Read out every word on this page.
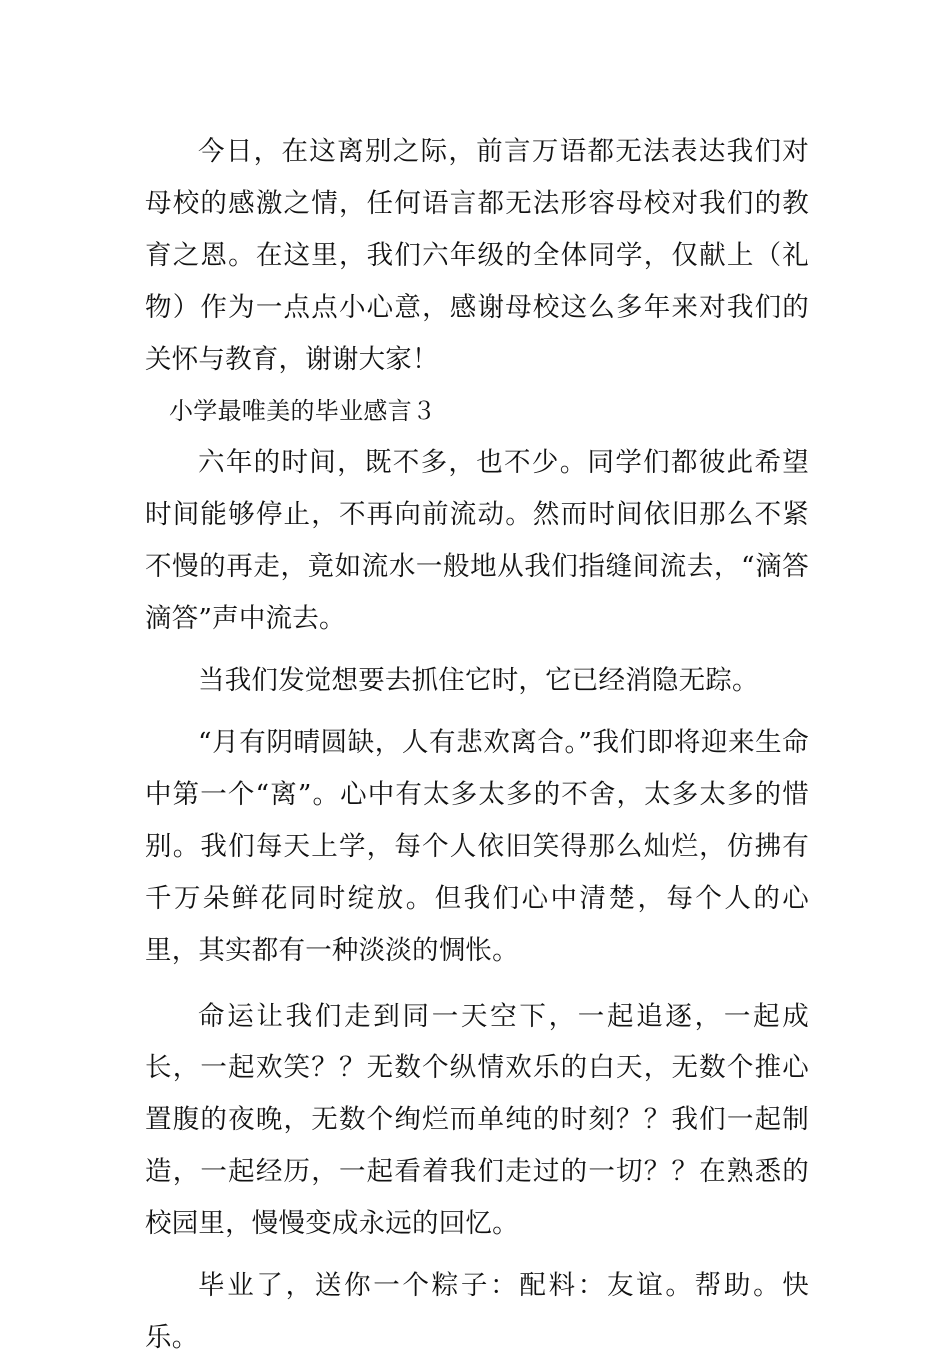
今日，在这离别之际，前言万语都无法表达我们对母校的感激之情，任何语言都无法形容母校对我们的教育之恩。在这里，我们六年级的全体同学，仅献上（礼物）作为一点点小心意，感谢母校这么多年来对我们的关怀与教育，谢谢大家！

小学最唯美的毕业感言３

六年的时间，既不多，也不少。同学们都彼此希望时间能够停止，不再向前流动。然而时间依旧那么不紧不慢的再走，竟如流水一般地从我们指缝间流去，“滴答滴答”声中流去。

当我们发觉想要去抓住它时，它已经消隐无踪。

“月有阴晴圆缺，人有悲欢离合。”我们即将迎来生命中第一个“离”。心中有太多太多的不舍，太多太多的惜别。我们每天上学，每个人依旧笑得那么灿烂，仿拂有千万朵鲜花同时绽放。但我们心中清楚，每个人的心里，其实都有一种淡淡的惆怅。

命运让我们走到同一天空下，一起追逐，一起成长，一起欢笑？？无数个纵情欢乐的白天，无数个推心置腹的夜晚，无数个绚烂而单纯的时刻？？我们一起制造，一起经历，一起看着我们走过的一切？？在熟悉的校园里，慢慢变成永远的回忆。

毕业了，送你一个粽子：配料：友谊。帮助。快乐。
